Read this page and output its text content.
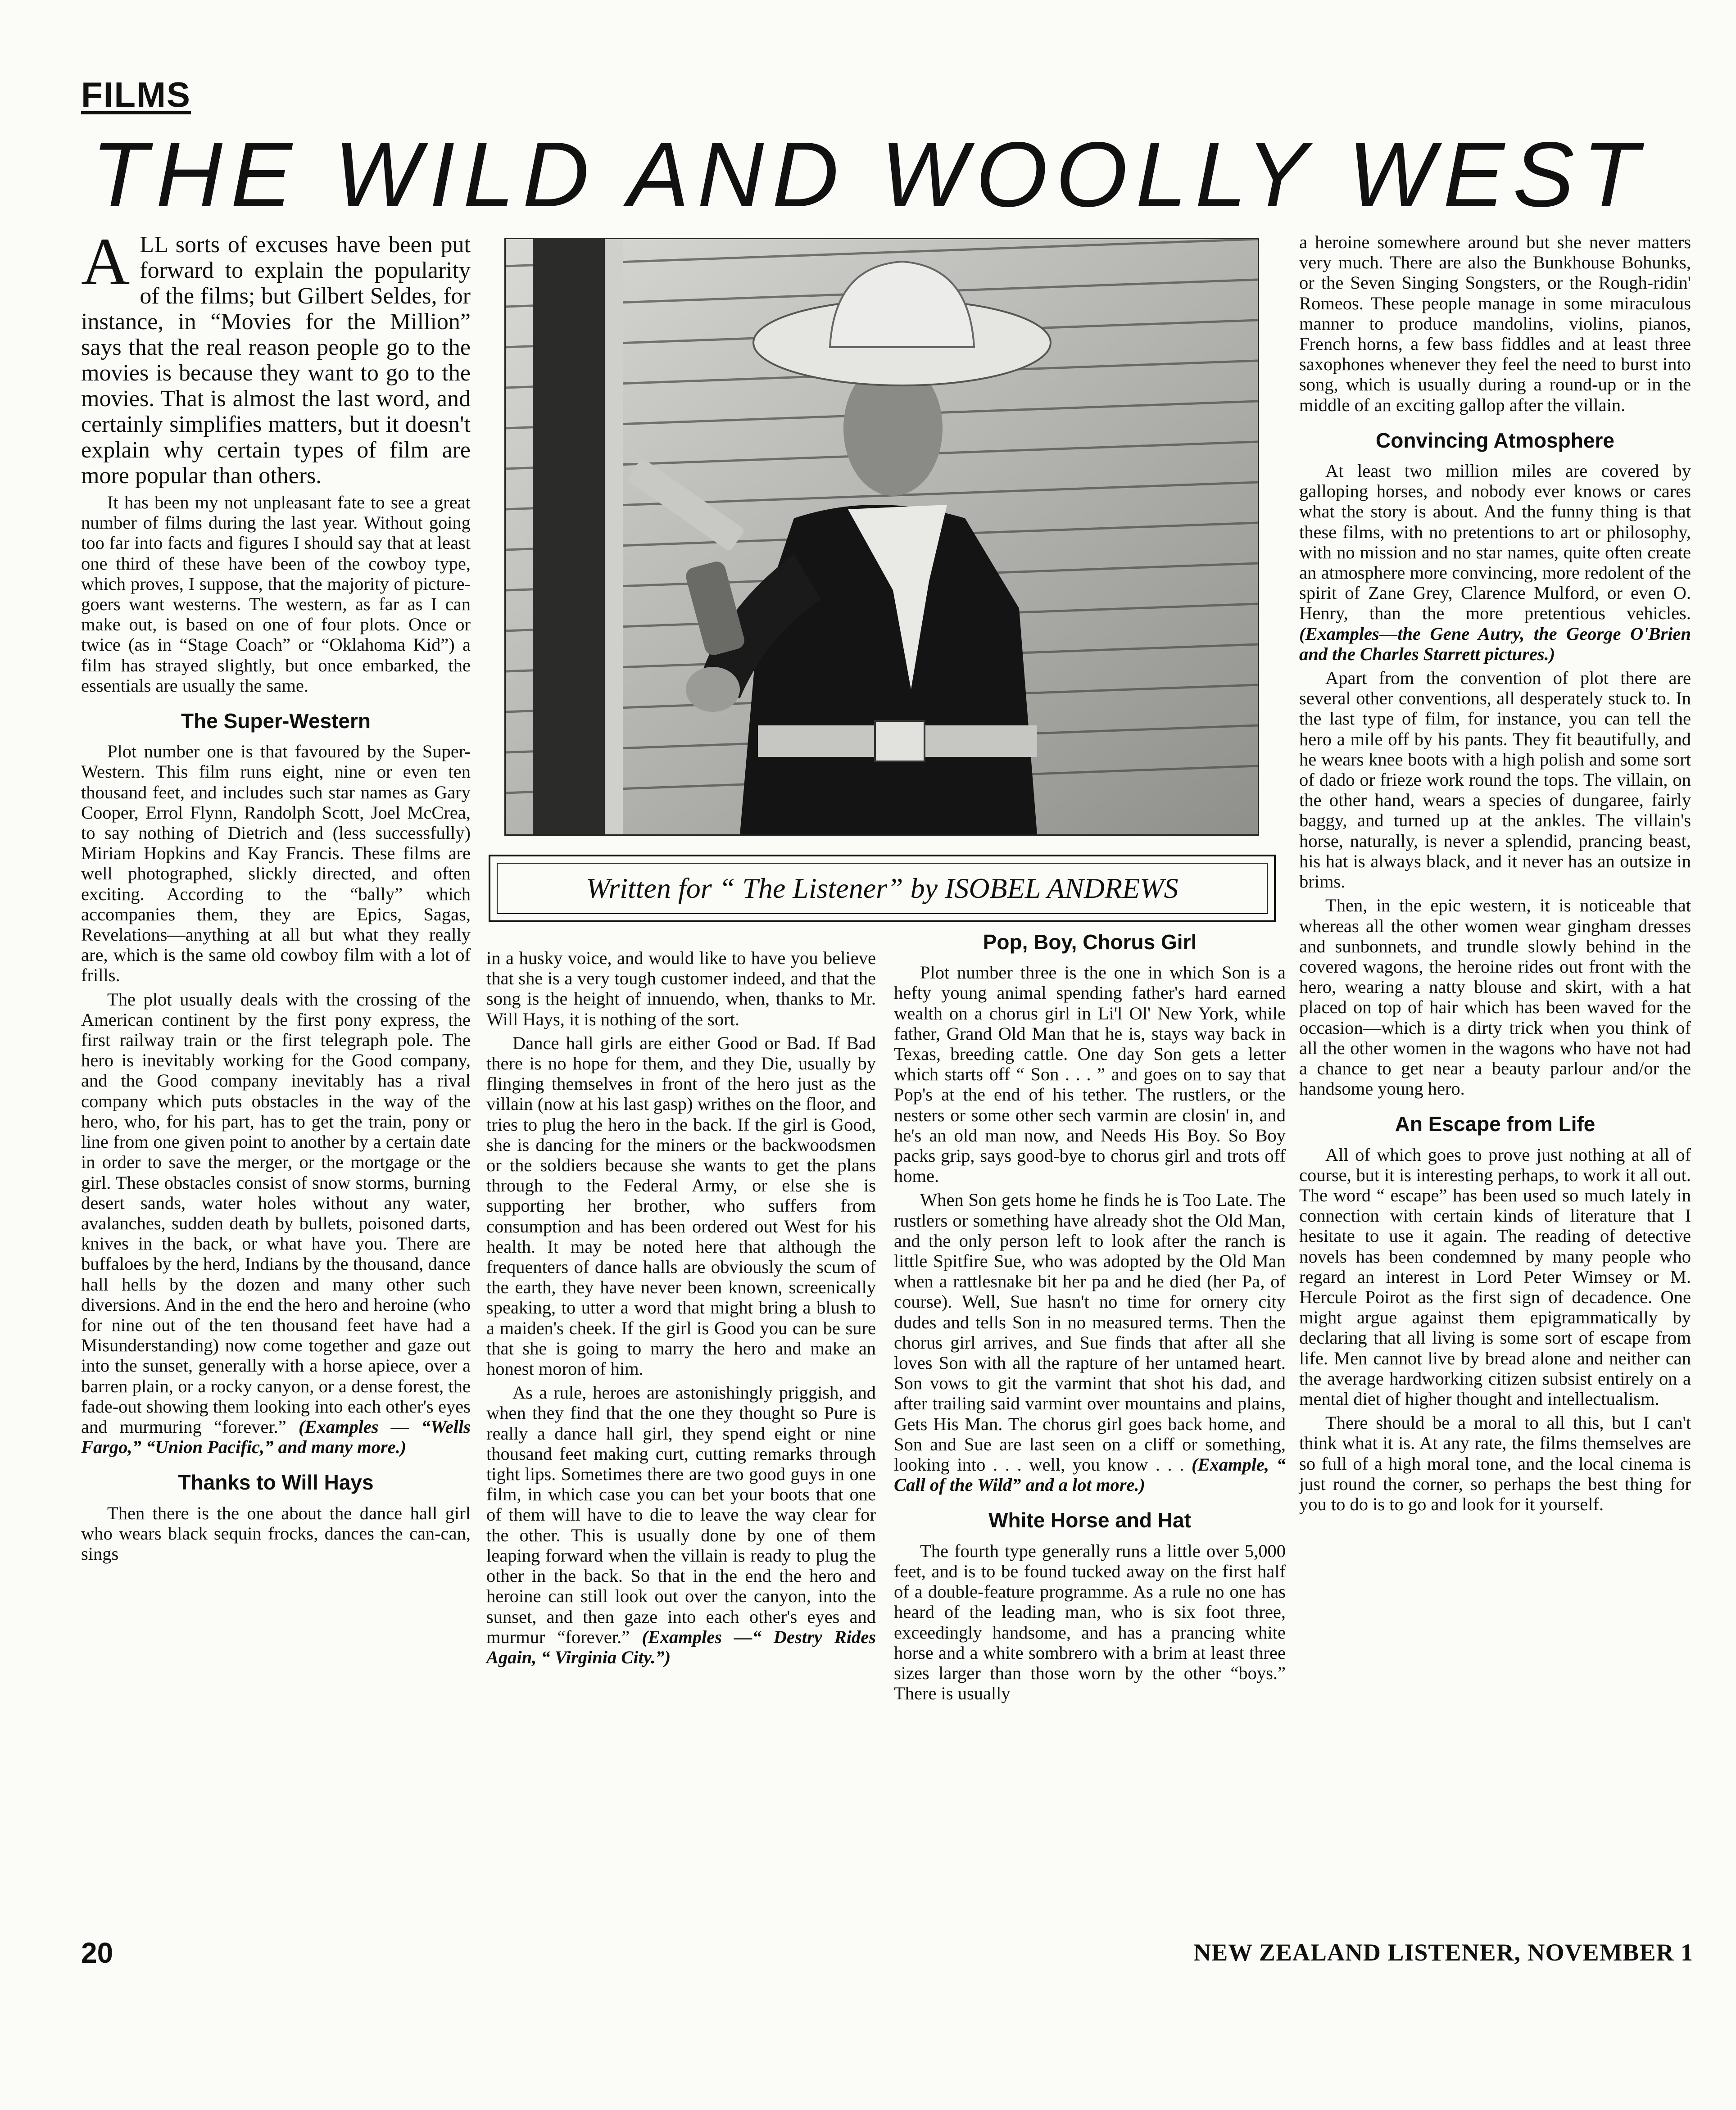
FILMS
THE WILD AND WOOLLY WEST

ALL sorts of excuses have been put forward to explain the popularity of the films; but Gilbert Seldes, for instance, in “Movies for the Million” says that the real reason people go to the movies is because they want to go to the movies. That is almost the last word, and certainly simplifies matters, but it doesn't explain why certain types of film are more popular than others.

It has been my not unpleasant fate to see a great number of films during the last year. Without going too far into facts and figures I should say that at least one third of these have been of the cowboy type, which proves, I suppose, that the majority of picture-goers want westerns. The western, as far as I can make out, is based on one of four plots. Once or twice (as in “Stage Coach” or “Oklahoma Kid”) a film has strayed slightly, but once embarked, the essentials are usually the same.

The Super-Western

Plot number one is that favoured by the Super-Western. This film runs eight, nine or even ten thousand feet, and includes such star names as Gary Cooper, Errol Flynn, Randolph Scott, Joel McCrea, to say nothing of Dietrich and (less successfully) Miriam Hopkins and Kay Francis. These films are well photographed, slickly directed, and often exciting. According to the “bally” which accompanies them, they are Epics, Sagas, Revelations—anything at all but what they really are, which is the same old cowboy film with a lot of frills.

The plot usually deals with the crossing of the American continent by the first pony express, the first railway train or the first telegraph pole. The hero is inevitably working for the Good company, and the Good company inevitably has a rival company which puts obstacles in the way of the hero, who, for his part, has to get the train, pony or line from one given point to another by a certain date in order to save the merger, or the mortgage or the girl. These obstacles consist of snow storms, burning desert sands, water holes without any water, avalanches, sudden death by bullets, poisoned darts, knives in the back, or what have you. There are buffaloes by the herd, Indians by the thousand, dance hall hells by the dozen and many other such diversions. And in the end the hero and heroine (who for nine out of the ten thousand feet have had a Misunderstanding) now come together and gaze out into the sunset, generally with a horse apiece, over a barren plain, or a rocky canyon, or a dense forest, the fade-out showing them looking into each other's eyes and murmuring “forever.” (Examples — “Wells Fargo,” “Union Pacific,” and many more.)

Thanks to Will Hays

Then there is the one about the dance hall girl who wears black sequin frocks, dances the can-can, sings

Written for “ The Listener” by ISOBEL ANDREWS

in a husky voice, and would like to have you believe that she is a very tough customer indeed, and that the song is the height of innuendo, when, thanks to Mr. Will Hays, it is nothing of the sort.

Dance hall girls are either Good or Bad. If Bad there is no hope for them, and they Die, usually by flinging themselves in front of the hero just as the villain (now at his last gasp) writhes on the floor, and tries to plug the hero in the back. If the girl is Good, she is dancing for the miners or the backwoodsmen or the soldiers because she wants to get the plans through to the Federal Army, or else she is supporting her brother, who suffers from consumption and has been ordered out West for his health. It may be noted here that although the frequenters of dance halls are obviously the scum of the earth, they have never been known, screenically speaking, to utter a word that might bring a blush to a maiden's cheek. If the girl is Good you can be sure that she is going to marry the hero and make an honest moron of him.

As a rule, heroes are astonishingly priggish, and when they find that the one they thought so Pure is really a dance hall girl, they spend eight or nine thousand feet making curt, cutting remarks through tight lips. Sometimes there are two good guys in one film, in which case you can bet your boots that one of them will have to die to leave the way clear for the other. This is usually done by one of them leaping forward when the villain is ready to plug the other in the back. So that in the end the hero and heroine can still look out over the canyon, into the sunset, and then gaze into each other's eyes and murmur “forever.” (Examples —“ Destry Rides Again, “ Virginia City.”)

Pop, Boy, Chorus Girl

Plot number three is the one in which Son is a hefty young animal spending father's hard earned wealth on a chorus girl in Li'l Ol' New York, while father, Grand Old Man that he is, stays way back in Texas, breeding cattle. One day Son gets a letter which starts off “ Son . . . ” and goes on to say that Pop's at the end of his tether. The rustlers, or the nesters or some other sech varmin are closin' in, and he's an old man now, and Needs His Boy. So Boy packs grip, says good-bye to chorus girl and trots off home.

When Son gets home he finds he is Too Late. The rustlers or something have already shot the Old Man, and the only person left to look after the ranch is little Spitfire Sue, who was adopted by the Old Man when a rattlesnake bit her pa and he died (her Pa, of course). Well, Sue hasn't no time for ornery city dudes and tells Son in no measured terms. Then the chorus girl arrives, and Sue finds that after all she loves Son with all the rapture of her untamed heart. Son vows to git the varmint that shot his dad, and after trailing said varmint over mountains and plains, Gets His Man. The chorus girl goes back home, and Son and Sue are last seen on a cliff or something, looking into . . . well, you know . . . (Example, “ Call of the Wild” and a lot more.)

White Horse and Hat

The fourth type generally runs a little over 5,000 feet, and is to be found tucked away on the first half of a double-feature programme. As a rule no one has heard of the leading man, who is six foot three, exceedingly handsome, and has a prancing white horse and a white sombrero with a brim at least three sizes larger than those worn by the other “boys.” There is usually

a heroine somewhere around but she never matters very much. There are also the Bunkhouse Bohunks, or the Seven Singing Songsters, or the Rough-ridin' Romeos. These people manage in some miraculous manner to produce mandolins, violins, pianos, French horns, a few bass fiddles and at least three saxophones whenever they feel the need to burst into song, which is usually during a round-up or in the middle of an exciting gallop after the villain.

Convincing Atmosphere

At least two million miles are covered by galloping horses, and nobody ever knows or cares what the story is about. And the funny thing is that these films, with no pretentions to art or philosophy, with no mission and no star names, quite often create an atmosphere more convincing, more redolent of the spirit of Zane Grey, Clarence Mulford, or even O. Henry, than the more pretentious vehicles. (Examples—the Gene Autry, the George O'Brien and the Charles Starrett pictures.)

Apart from the convention of plot there are several other conventions, all desperately stuck to. In the last type of film, for instance, you can tell the hero a mile off by his pants. They fit beautifully, and he wears knee boots with a high polish and some sort of dado or frieze work round the tops. The villain, on the other hand, wears a species of dungaree, fairly baggy, and turned up at the ankles. The villain's horse, naturally, is never a splendid, prancing beast, his hat is always black, and it never has an outsize in brims.

Then, in the epic western, it is noticeable that whereas all the other women wear gingham dresses and sunbonnets, and trundle slowly behind in the covered wagons, the heroine rides out front with the hero, wearing a natty blouse and skirt, with a hat placed on top of hair which has been waved for the occasion—which is a dirty trick when you think of all the other women in the wagons who have not had a chance to get near a beauty parlour and/or the handsome young hero.

An Escape from Life

All of which goes to prove just nothing at all of course, but it is interesting perhaps, to work it all out. The word “ escape” has been used so much lately in connection with certain kinds of literature that I hesitate to use it again. The reading of detective novels has been condemned by many people who regard an interest in Lord Peter Wimsey or M. Hercule Poirot as the first sign of decadence. One might argue against them epigrammatically by declaring that all living is some sort of escape from life. Men cannot live by bread alone and neither can the average hardworking citizen subsist entirely on a mental diet of higher thought and intellectualism.

There should be a moral to all this, but I can't think what it is. At any rate, the films themselves are so full of a high moral tone, and the local cinema is just round the corner, so perhaps the best thing for you to do is to go and look for it yourself.

20	NEW ZEALAND LISTENER, NOVEMBER 1
